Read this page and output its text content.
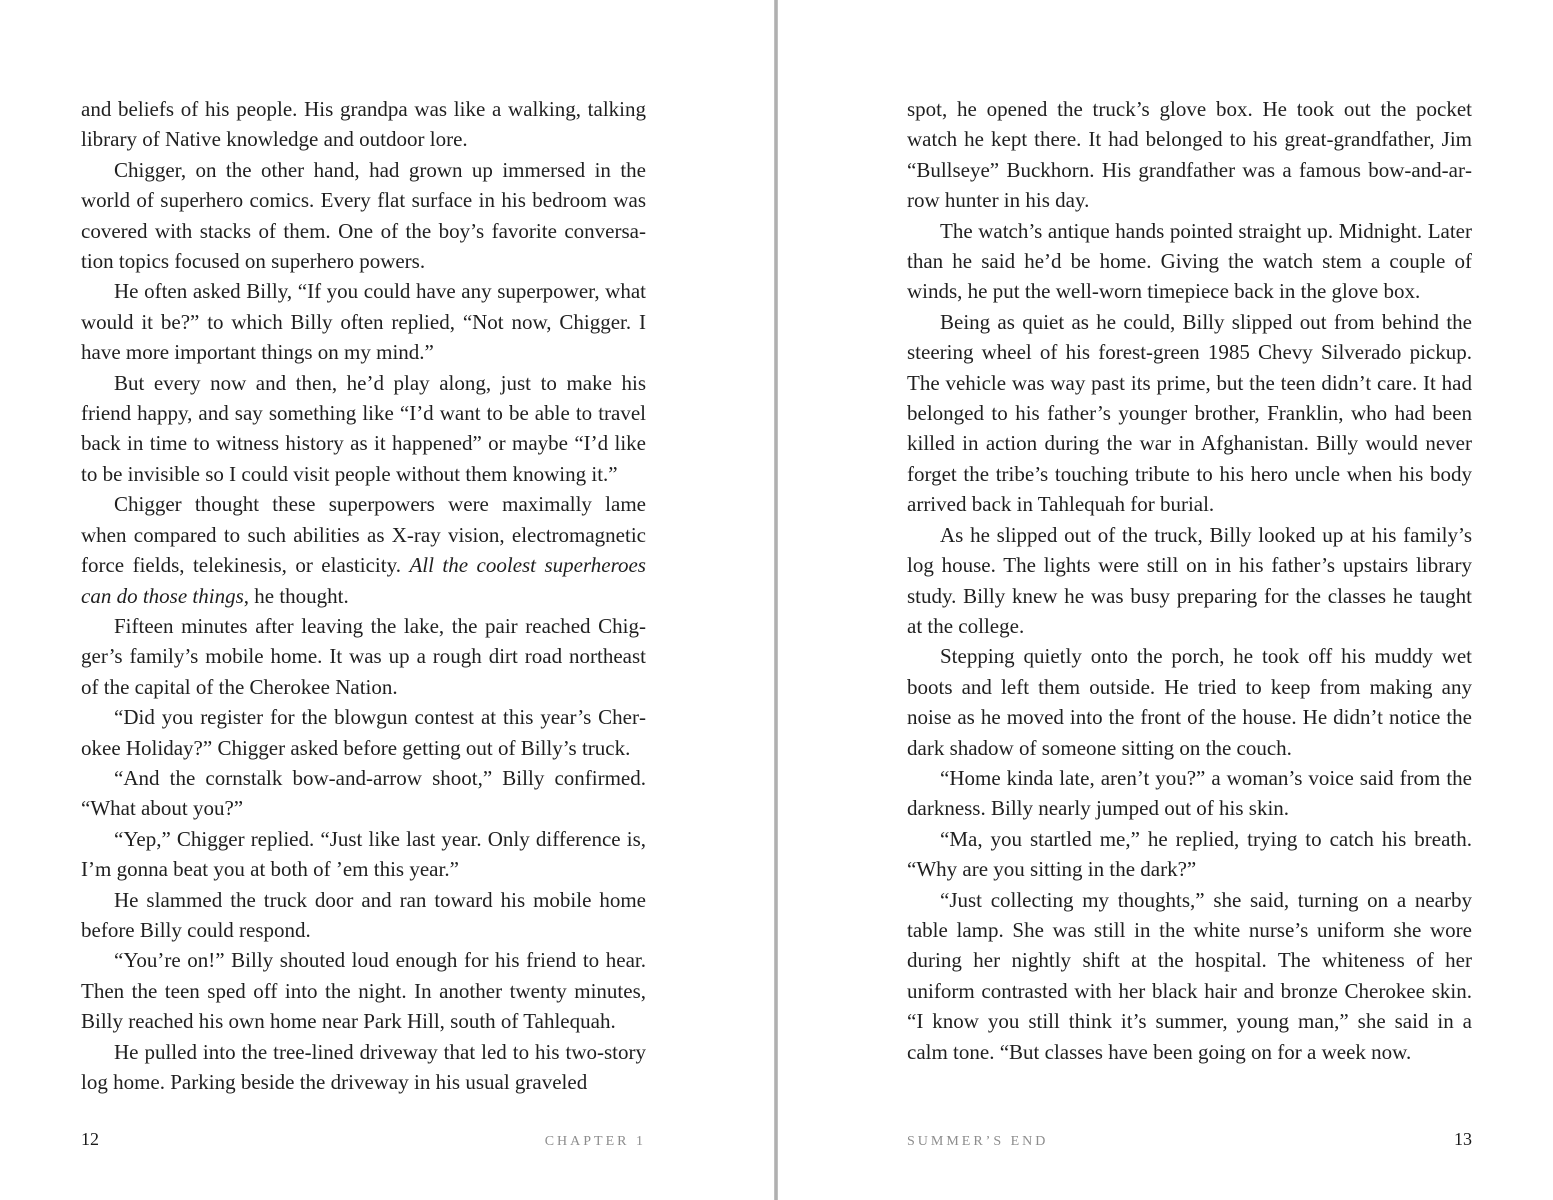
and beliefs of his people. His grandpa was like a walking, talking library of Native knowledge and outdoor lore.

Chigger, on the other hand, had grown up immersed in the world of superhero comics. Every flat surface in his bedroom was covered with stacks of them. One of the boy’s favorite conversation topics focused on superhero powers.

He often asked Billy, “If you could have any superpower, what would it be?” to which Billy often replied, “Not now, Chigger. I have more important things on my mind.”

But every now and then, he’d play along, just to make his friend happy, and say something like “I’d want to be able to travel back in time to witness history as it happened” or maybe “I’d like to be invisible so I could visit people without them knowing it.”

Chigger thought these superpowers were maximally lame when compared to such abilities as X-ray vision, electromagnetic force fields, telekinesis, or elasticity. All the coolest superheroes can do those things, he thought.

Fifteen minutes after leaving the lake, the pair reached Chigger’s family’s mobile home. It was up a rough dirt road northeast of the capital of the Cherokee Nation.

“Did you register for the blowgun contest at this year’s Cherokee Holiday?” Chigger asked before getting out of Billy’s truck.

“And the cornstalk bow-and-arrow shoot,” Billy confirmed. “What about you?”

“Yep,” Chigger replied. “Just like last year. Only difference is, I’m gonna beat you at both of ’em this year.”

He slammed the truck door and ran toward his mobile home before Billy could respond.

“You’re on!” Billy shouted loud enough for his friend to hear. Then the teen sped off into the night. In another twenty minutes, Billy reached his own home near Park Hill, south of Tahlequah.

He pulled into the tree-lined driveway that led to his two-story log home. Parking beside the driveway in his usual graveled

12	CHAPTER 1

spot, he opened the truck’s glove box. He took out the pocket watch he kept there. It had belonged to his great-grandfather, Jim “Bullseye” Buckhorn. His grandfather was a famous bow-and-arrow hunter in his day.

The watch’s antique hands pointed straight up. Midnight. Later than he said he’d be home. Giving the watch stem a couple of winds, he put the well-worn timepiece back in the glove box.

Being as quiet as he could, Billy slipped out from behind the steering wheel of his forest-green 1985 Chevy Silverado pickup. The vehicle was way past its prime, but the teen didn’t care. It had belonged to his father’s younger brother, Franklin, who had been killed in action during the war in Afghanistan. Billy would never forget the tribe’s touching tribute to his hero uncle when his body arrived back in Tahlequah for burial.

As he slipped out of the truck, Billy looked up at his family’s log house. The lights were still on in his father’s upstairs library study. Billy knew he was busy preparing for the classes he taught at the college.

Stepping quietly onto the porch, he took off his muddy wet boots and left them outside. He tried to keep from making any noise as he moved into the front of the house. He didn’t notice the dark shadow of someone sitting on the couch.

“Home kinda late, aren’t you?” a woman’s voice said from the darkness. Billy nearly jumped out of his skin.

“Ma, you startled me,” he replied, trying to catch his breath. “Why are you sitting in the dark?”

“Just collecting my thoughts,” she said, turning on a nearby table lamp. She was still in the white nurse’s uniform she wore during her nightly shift at the hospital. The whiteness of her uniform contrasted with her black hair and bronze Cherokee skin. “I know you still think it’s summer, young man,” she said in a calm tone. “But classes have been going on for a week now.

SUMMER’S END	13
